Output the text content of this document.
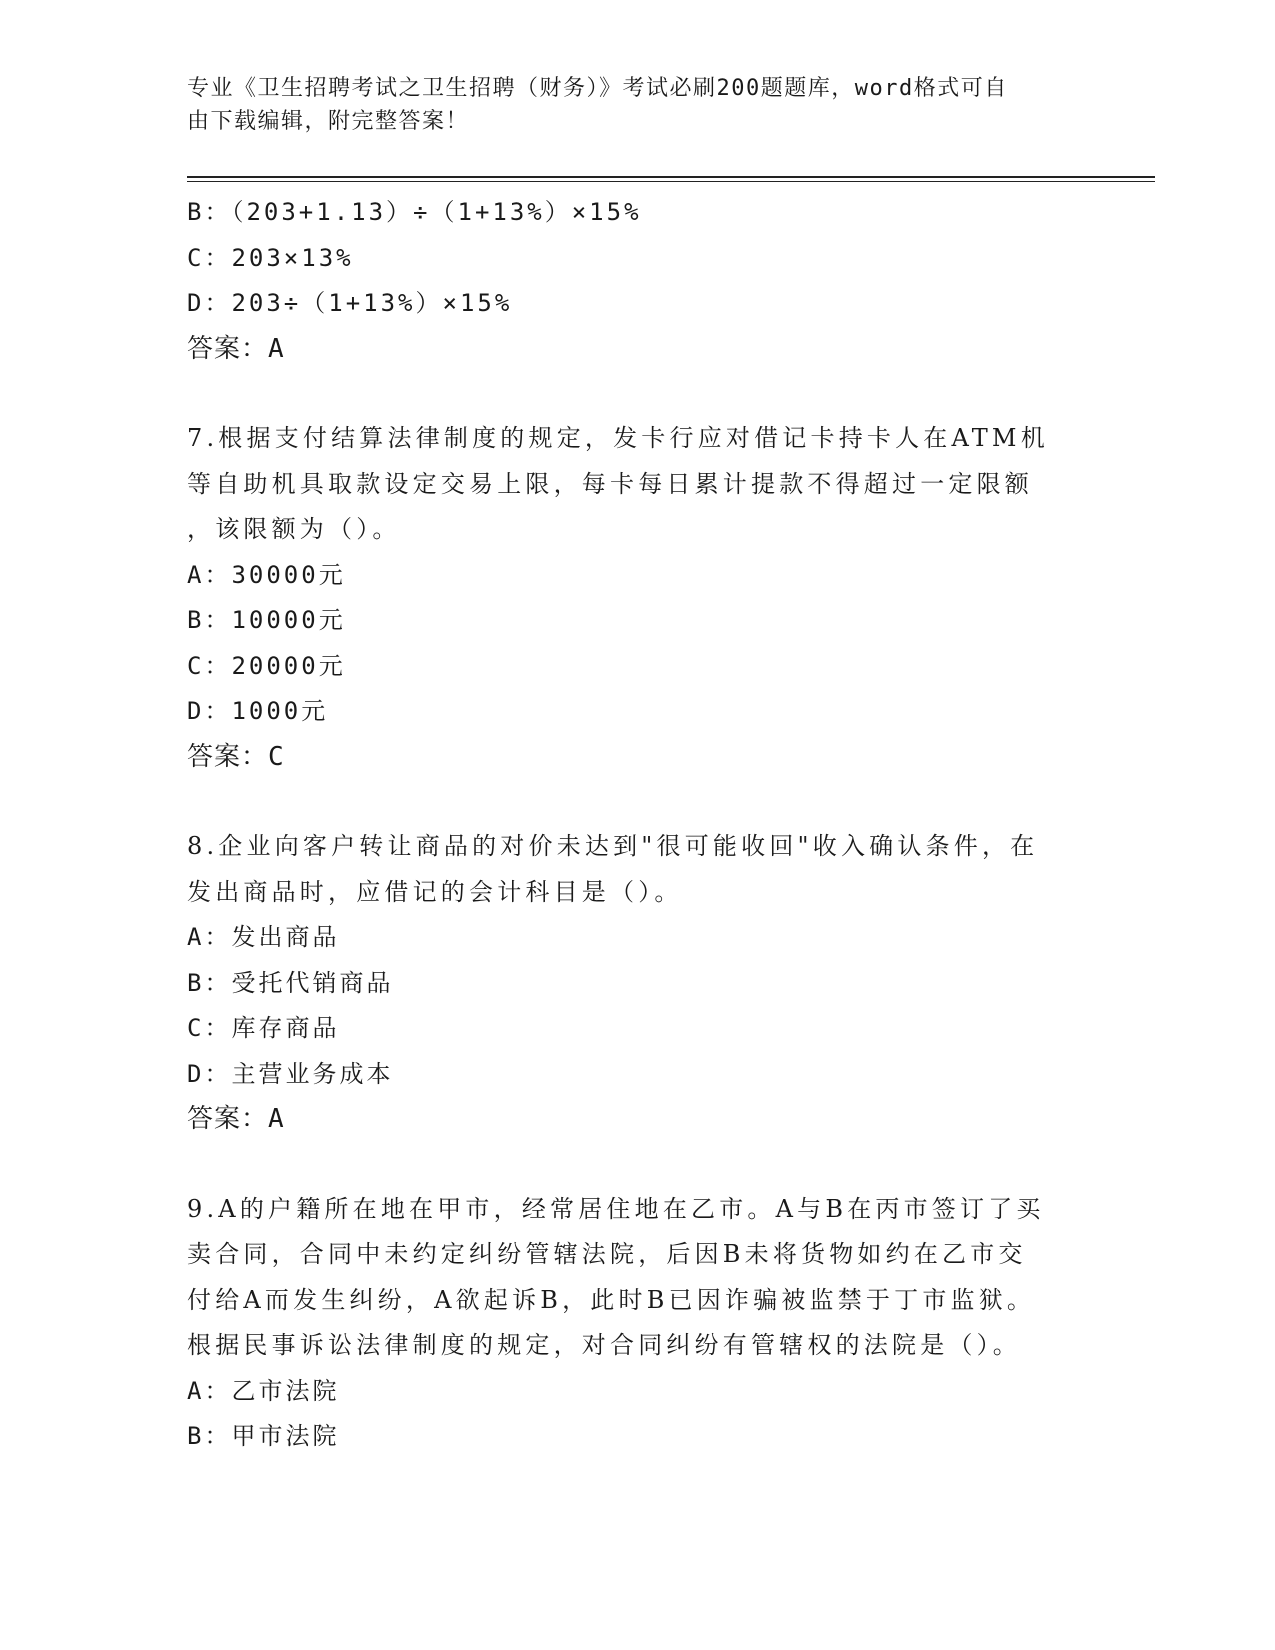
专业《卫生招聘考试之卫生招聘（财务）》考试必刷200题题库，word格式可自
由下载编辑，附完整答案！
B：（203+1.13）÷（1+13%）×15%
C：203×13%
D：203÷（1+13%）×15%
答案：A
7.根据支付结算法律制度的规定，发卡行应对借记卡持卡人在ATM机
等自助机具取款设定交易上限，每卡每日累计提款不得超过一定限额
，该限额为（）。
A：30000元
B：10000元
C：20000元
D：1000元
答案：C
8.企业向客户转让商品的对价未达到"很可能收回"收入确认条件，在
发出商品时，应借记的会计科目是（）。
A：发出商品
B：受托代销商品
C：库存商品
D：主营业务成本
答案：A
9.A的户籍所在地在甲市，经常居住地在乙市。A与B在丙市签订了买
卖合同，合同中未约定纠纷管辖法院，后因B未将货物如约在乙市交
付给A而发生纠纷，A欲起诉B，此时B已因诈骗被监禁于丁市监狱。
根据民事诉讼法律制度的规定，对合同纠纷有管辖权的法院是（）。
A：乙市法院
B：甲市法院
